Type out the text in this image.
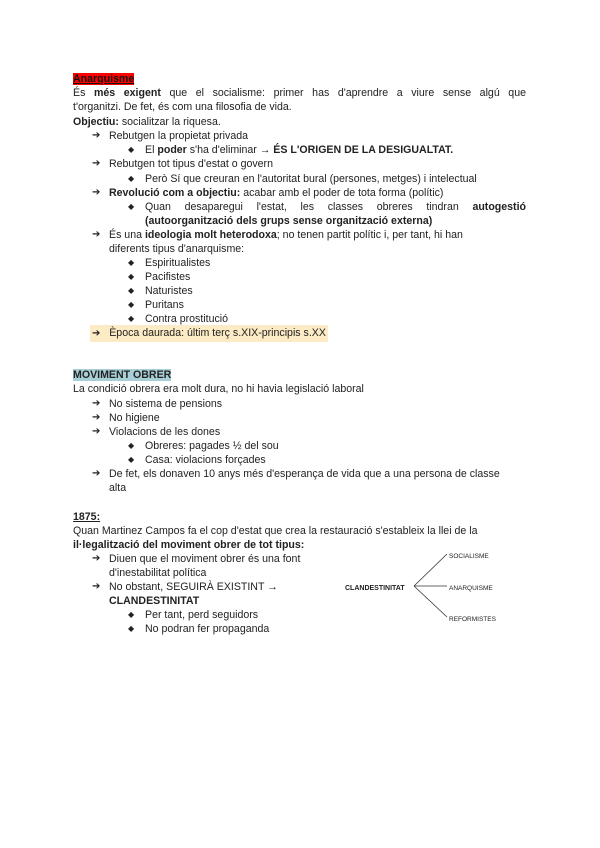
Anarquisme
És més exigent que el socialisme: primer has d'aprendre a viure sense algú que
t'organitzi. De fet, és com una filosofia de vida.
Objectiu: socialitzar la riquesa.
➔ Rebutgen la propietat privada
◆ El poder s'ha d'eliminar → ÉS L'ORIGEN DE LA DESIGUALTAT.
➔ Rebutgen tot tipus d'estat o govern
◆ Però Sí que creuran en l'autoritat bural (persones, metges) i intelectual
➔ Revolució com a objectiu: acabar amb el poder de tota forma (polític)
◆ Quan desaparegui l'estat, les classes obreres tindran autogestió
(autoorganització dels grups sense organització externa)
➔ És una ideologia molt heterodoxa; no tenen partit polític i, per tant, hi han
diferents tipus d'anarquisme:
◆ Espiritualistes
◆ Pacifistes
◆ Naturistes
◆ Puritans
◆ Contra prostitució
➔ Època daurada: últim terç s.XIX-principis s.XX
MOVIMENT OBRER
La condició obrera era molt dura, no hi havia legislació laboral
➔ No sistema de pensions
➔ No higiene
➔ Violacions de les dones
◆ Obreres: pagades ½ del sou
◆ Casa: violacions forçades
➔ De fet, els donaven 10 anys més d'esperança de vida que a una persona de classe
alta
1875:
Quan Martinez Campos fa el cop d'estat que crea la restauració s'estableix la llei de la
il·legalització del moviment obrer de tot tipus:
➔ Diuen que el moviment obrer és una font
d'inestabilitat política
➔ No obstant, SEGUIRÀ EXISTINT →
CLANDESTINITAT
◆ Per tant, perd seguidors
◆ No podran fer propaganda
CLANDESTINITAT
SOCIALISME
ANARQUISME
REFORMISTES
